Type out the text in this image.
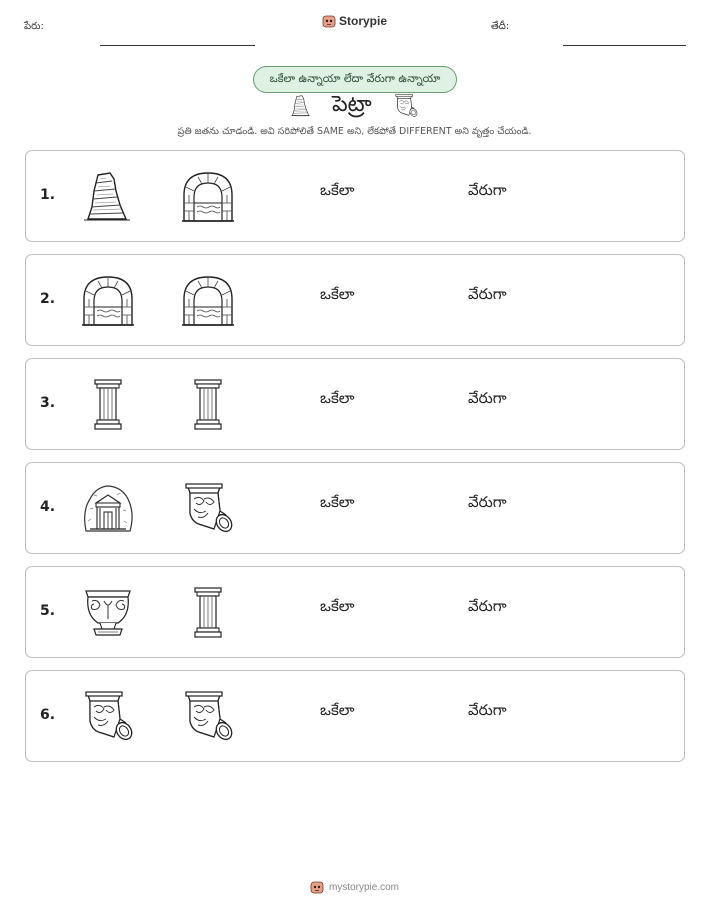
పేరు:	Storypie	తేదీ:
ఒకేలా ఉన్నాయా లేదా వేరుగా ఉన్నాయా
పెట్రా
ప్రతి జతను చూడండి. అవి సరిపోలితే SAME అని, లేకపోతే DIFFERENT అని వృత్తం చేయండి.
1.	ఒకేలా	వేరుగా
2.	ఒకేలా	వేరుగా
3.	ఒకేలా	వేరుగా
4.	ఒకేలా	వేరుగా
5.	ఒకేలా	వేరుగా
6.	ఒకేలా	వేరుగా
mystorypie.com
